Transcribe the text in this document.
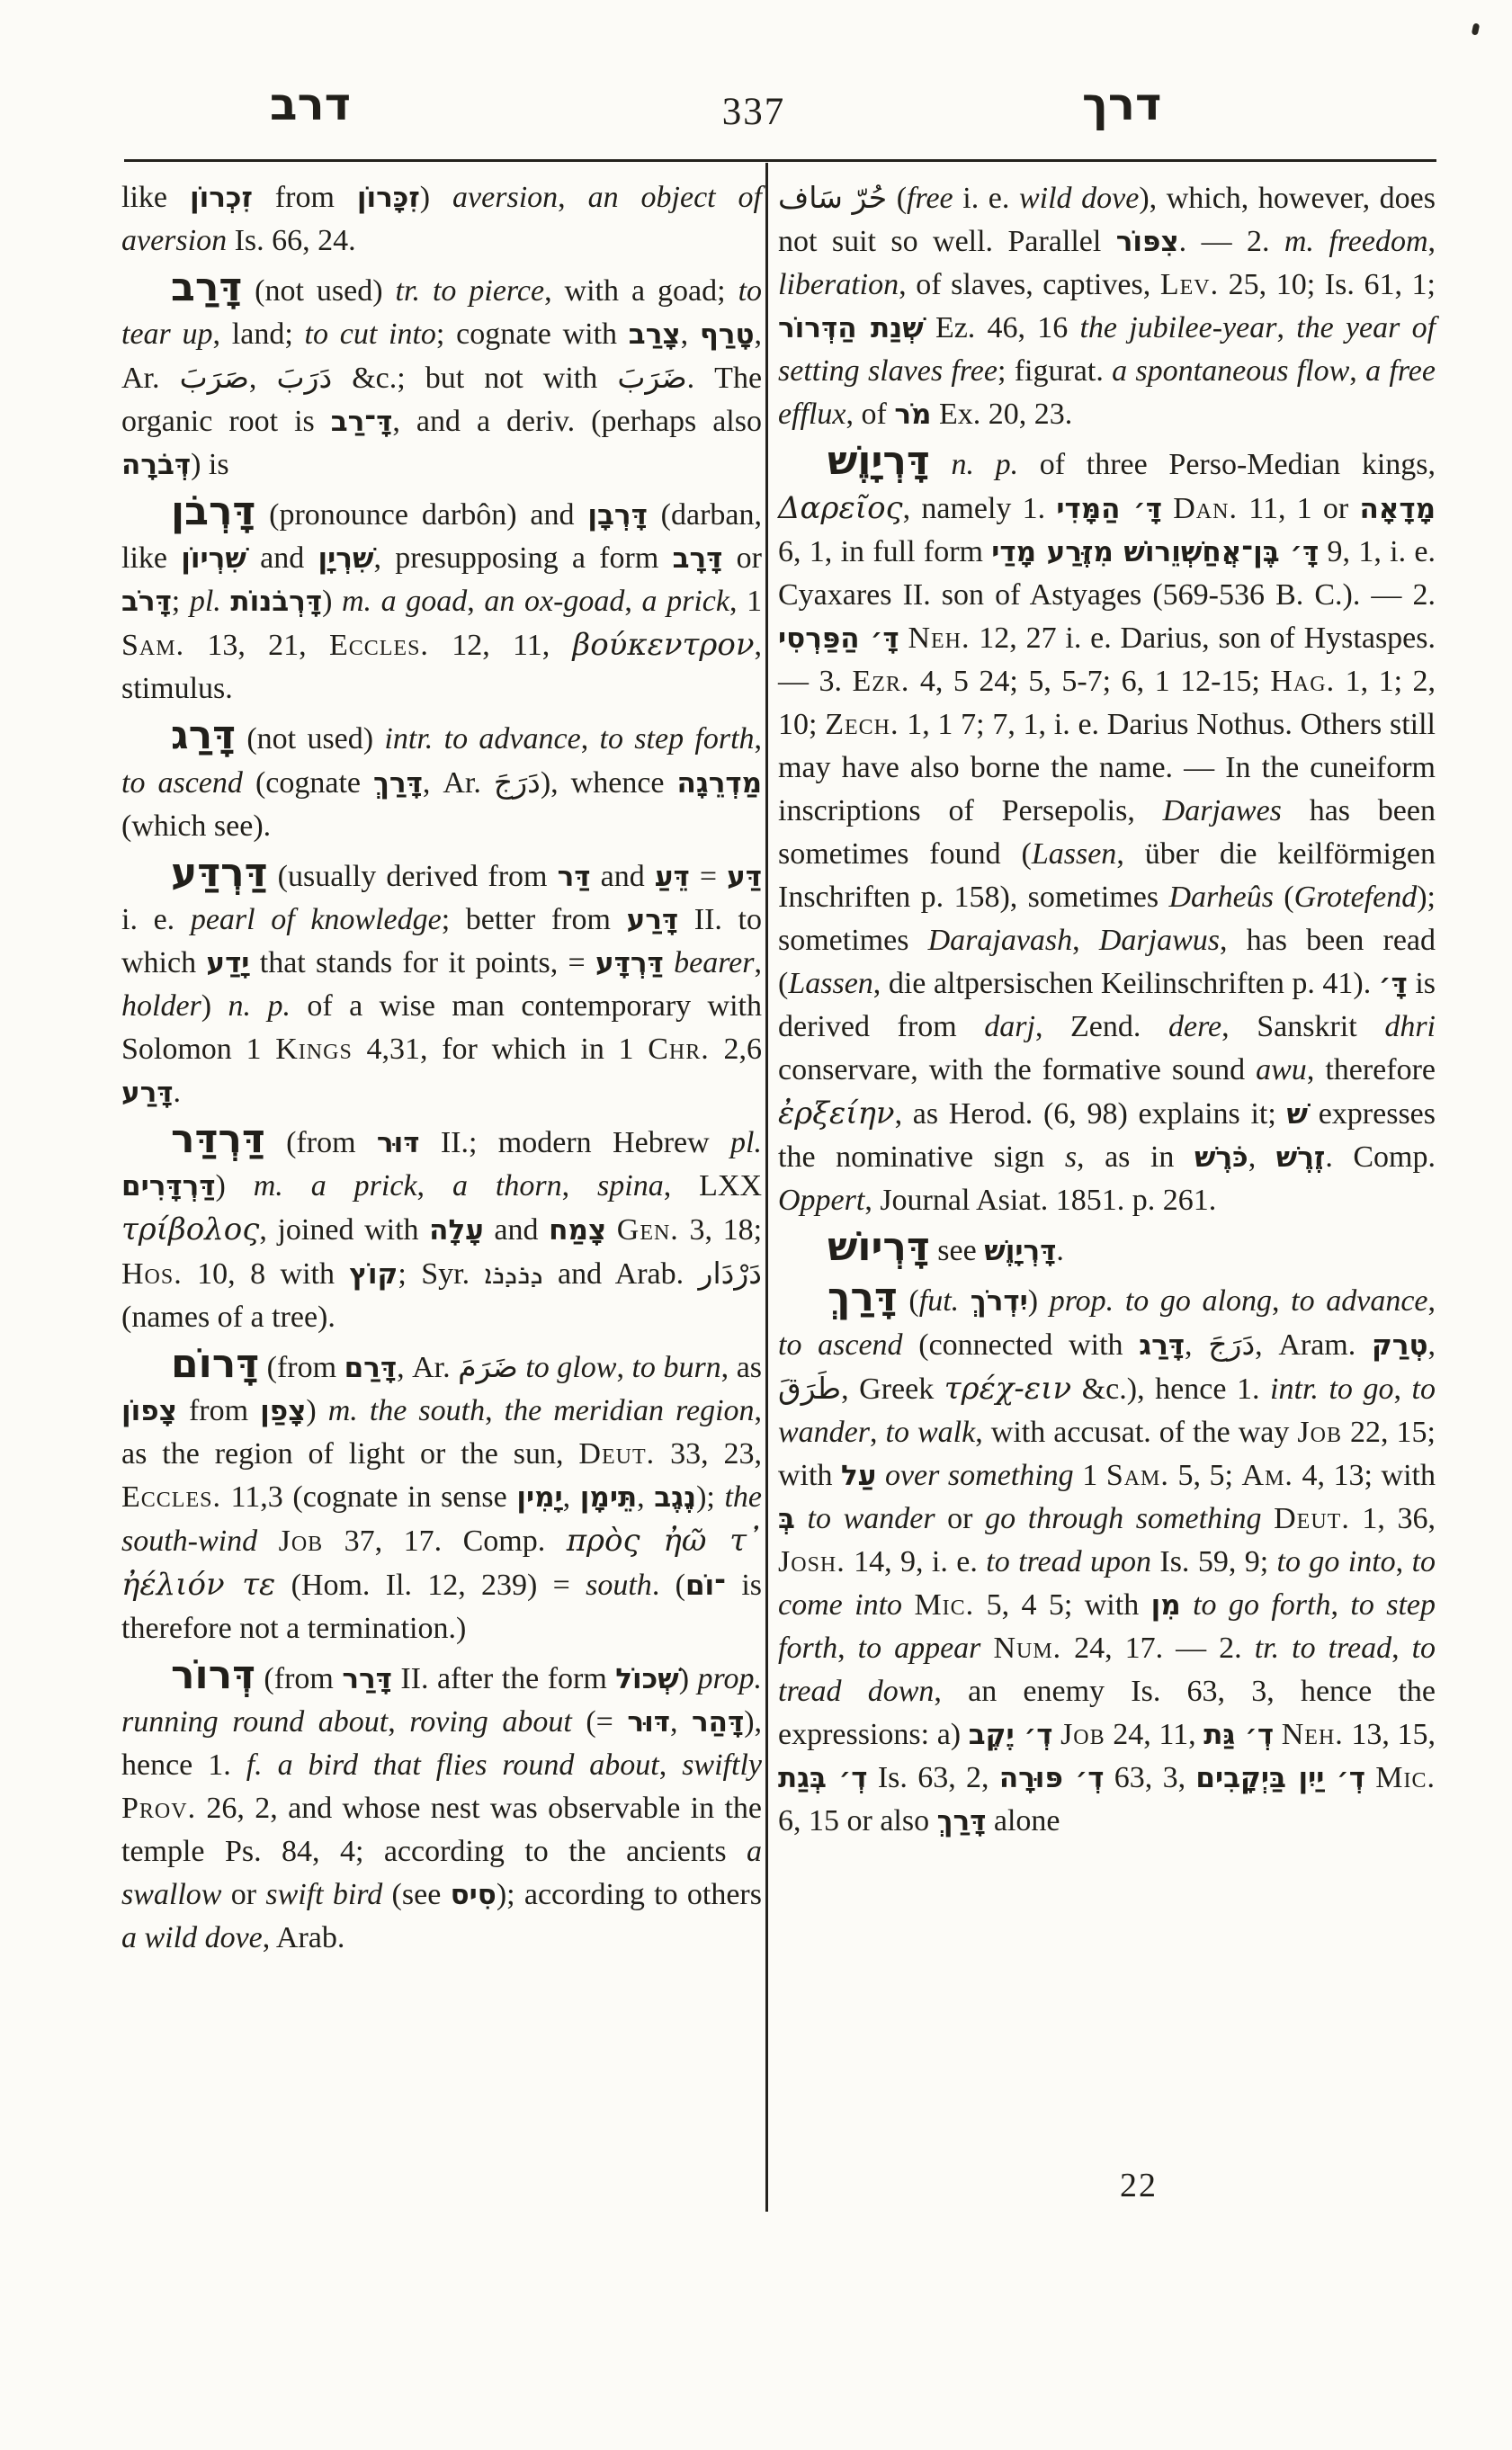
דרב	337	דרך

like זִכְרוֹן from זִכָּרוֹן) aversion, an object of aversion Is. 66, 24.

דָּרַב (not used) tr. to pierce, with a goad; to tear up, land; to cut into; cognate with צָרַב, טָרַף, Ar. صَرَبَ, دَرَبَ &c.; but not with ضَرَبَ. The organic root is דָּ־רַב, and a deriv. (perhaps also דְּבֹרָה) is

דָּרְבֹן (pronounce darbôn) and דָּרְבָן (darban, like שִׁרְיוֹן and שִׁרְיָן, presupposing a form דָּרָב or דָּרֹב; pl. דָּרְבֹנוֹת) m. a goad, an ox-goad, a prick, 1 Sam. 13, 21, Eccles. 12, 11, βούκεντρον, stimulus.

דָּרַג (not used) intr. to advance, to step forth, to ascend (cognate דָּרַךְ, Ar. دَرَجَ), whence מַדְרֵגָה (which see).

דַּרְדַּע (usually derived from דַּר and דֵּעַ = דַּע i. e. pearl of knowledge; better from דָּרַע II. to which יָדַע that stands for it points, = דַּרְדָּע bearer, holder) n. p. of a wise man contemporary with Solomon 1 Kings 4,31, for which in 1 Chr. 2,6 דָּרַע.

דַּרְדַּר (from דּוּר II.; modern Hebrew pl. דַּרְדָּרִים) m. a prick, a thorn, spina, LXX τρίβολος, joined with עָלָה and צָמַח Gen. 3, 18; Hos. 10, 8 with קוֹץ; Syr. ܕܪܕܪܐ and Arab. دَرْدَار (names of a tree).

דָּרוֹם (from דָּרַם, Ar. ضَرَمَ to glow, to burn, as צָפוֹן from צָפַן) m. the south, the meridian region, as the region of light or the sun, Deut. 33, 23, Eccles. 11,3 (cognate in sense יָמִין, תֵּימָן, נֶגֶב); the south-wind Job 37, 17. Comp. πρὸς ἠῶ τ᾽ ἠέλιόν τε (Hom. Il. 12, 239) = south. (־וֹם is therefore not a termination.)

דְּרוֹר (from דָּרַר II. after the form שְׁכוֹל) prop. running round about, roving about (= דּוּר, דָּהַר), hence 1. f. a bird that flies round about, swiftly Prov. 26, 2, and whose nest was observable in the temple Ps. 84, 4; according to the ancients a swallow or swift bird (see סִיס); according to others a wild dove, Arab.

سَاف حُرّ (free i. e. wild dove), which, however, does not suit so well. Parallel צִפּוֹר. — 2. m. freedom, liberation, of slaves, captives, Lev. 25, 10; Is. 61, 1; שְׁנַת הַדְּרוֹר Ez. 46, 16 the jubilee-year, the year of setting slaves free; figurat. a spontaneous flow, a free efflux, of מֹר Ex. 20, 23.

דָּרְיָוֶשׁ n. p. of three Perso-Median kings, Δαρεῖος, namely 1. דָּ׳ הַמָּדִי Dan. 11, 1 or מָדָאָה 6, 1, in full form דָּ׳ בֶּן־אֲחַשְׁוֵרוֹשׁ מִזֶּרַע מָדַי 9, 1, i. e. Cyaxares II. son of Astyages (569-536 B. C.). — 2. דָּ׳ הַפַּרְסִי Neh. 12, 27 i. e. Darius, son of Hystaspes. — 3. Ezr. 4, 5 24; 5, 5-7; 6, 1 12-15; Hag. 1, 1; 2, 10; Zech. 1, 1 7; 7, 1, i. e. Darius Nothus. Others still may have also borne the name. — In the cuneiform inscriptions of Persepolis, Darjawes has been sometimes found (Lassen, über die keilförmigen Inschriften p. 158), sometimes Darheûs (Grotefend); sometimes Darajavash, Darjawus, has been read (Lassen, die altpersischen Keilinschriften p. 41). דָּ׳ is derived from darj, Zend. dere, Sanskrit dhri conservare, with the formative sound awu, therefore ἐρξείην, as Herod. (6, 98) explains it; שׁ expresses the nominative sign s, as in כֹּרֶשׁ, זֶרֶשׁ. Comp. Oppert, Journal Asiat. 1851. p. 261.

דָּרְיוֹשׁ see דָּרְיָוֶשׁ.

דָּרַךְ (fut. יִדְרֹךְ) prop. to go along, to advance, to ascend (connected with דָּרַג, دَرَجَ, Aram. טְרַק, طَرَقَ, Greek τρέχ-ειν &c.), hence 1. intr. to go, to wander, to walk, with accusat. of the way Job 22, 15; with עַל over something 1 Sam. 5, 5; Am. 4, 13; with בְּ to wander or go through something Deut. 1, 36, Josh. 14, 9, i. e. to tread upon Is. 59, 9; to go into, to come into Mic. 5, 4 5; with מִן to go forth, to step forth, to appear Num. 24, 17. — 2. tr. to tread, to tread down, an enemy Is. 63, 3, hence the expressions: a) דְ׳ יֶקֶב Job 24, 11, דְ׳ גַּת Neh. 13, 15, דְ׳ בְּגַת Is. 63, 2, דְ׳ פּוּרָה 63, 3, דְ׳ יַיִן בַּיְקָבִים Mic. 6, 15 or also דָּרַךְ alone

22
